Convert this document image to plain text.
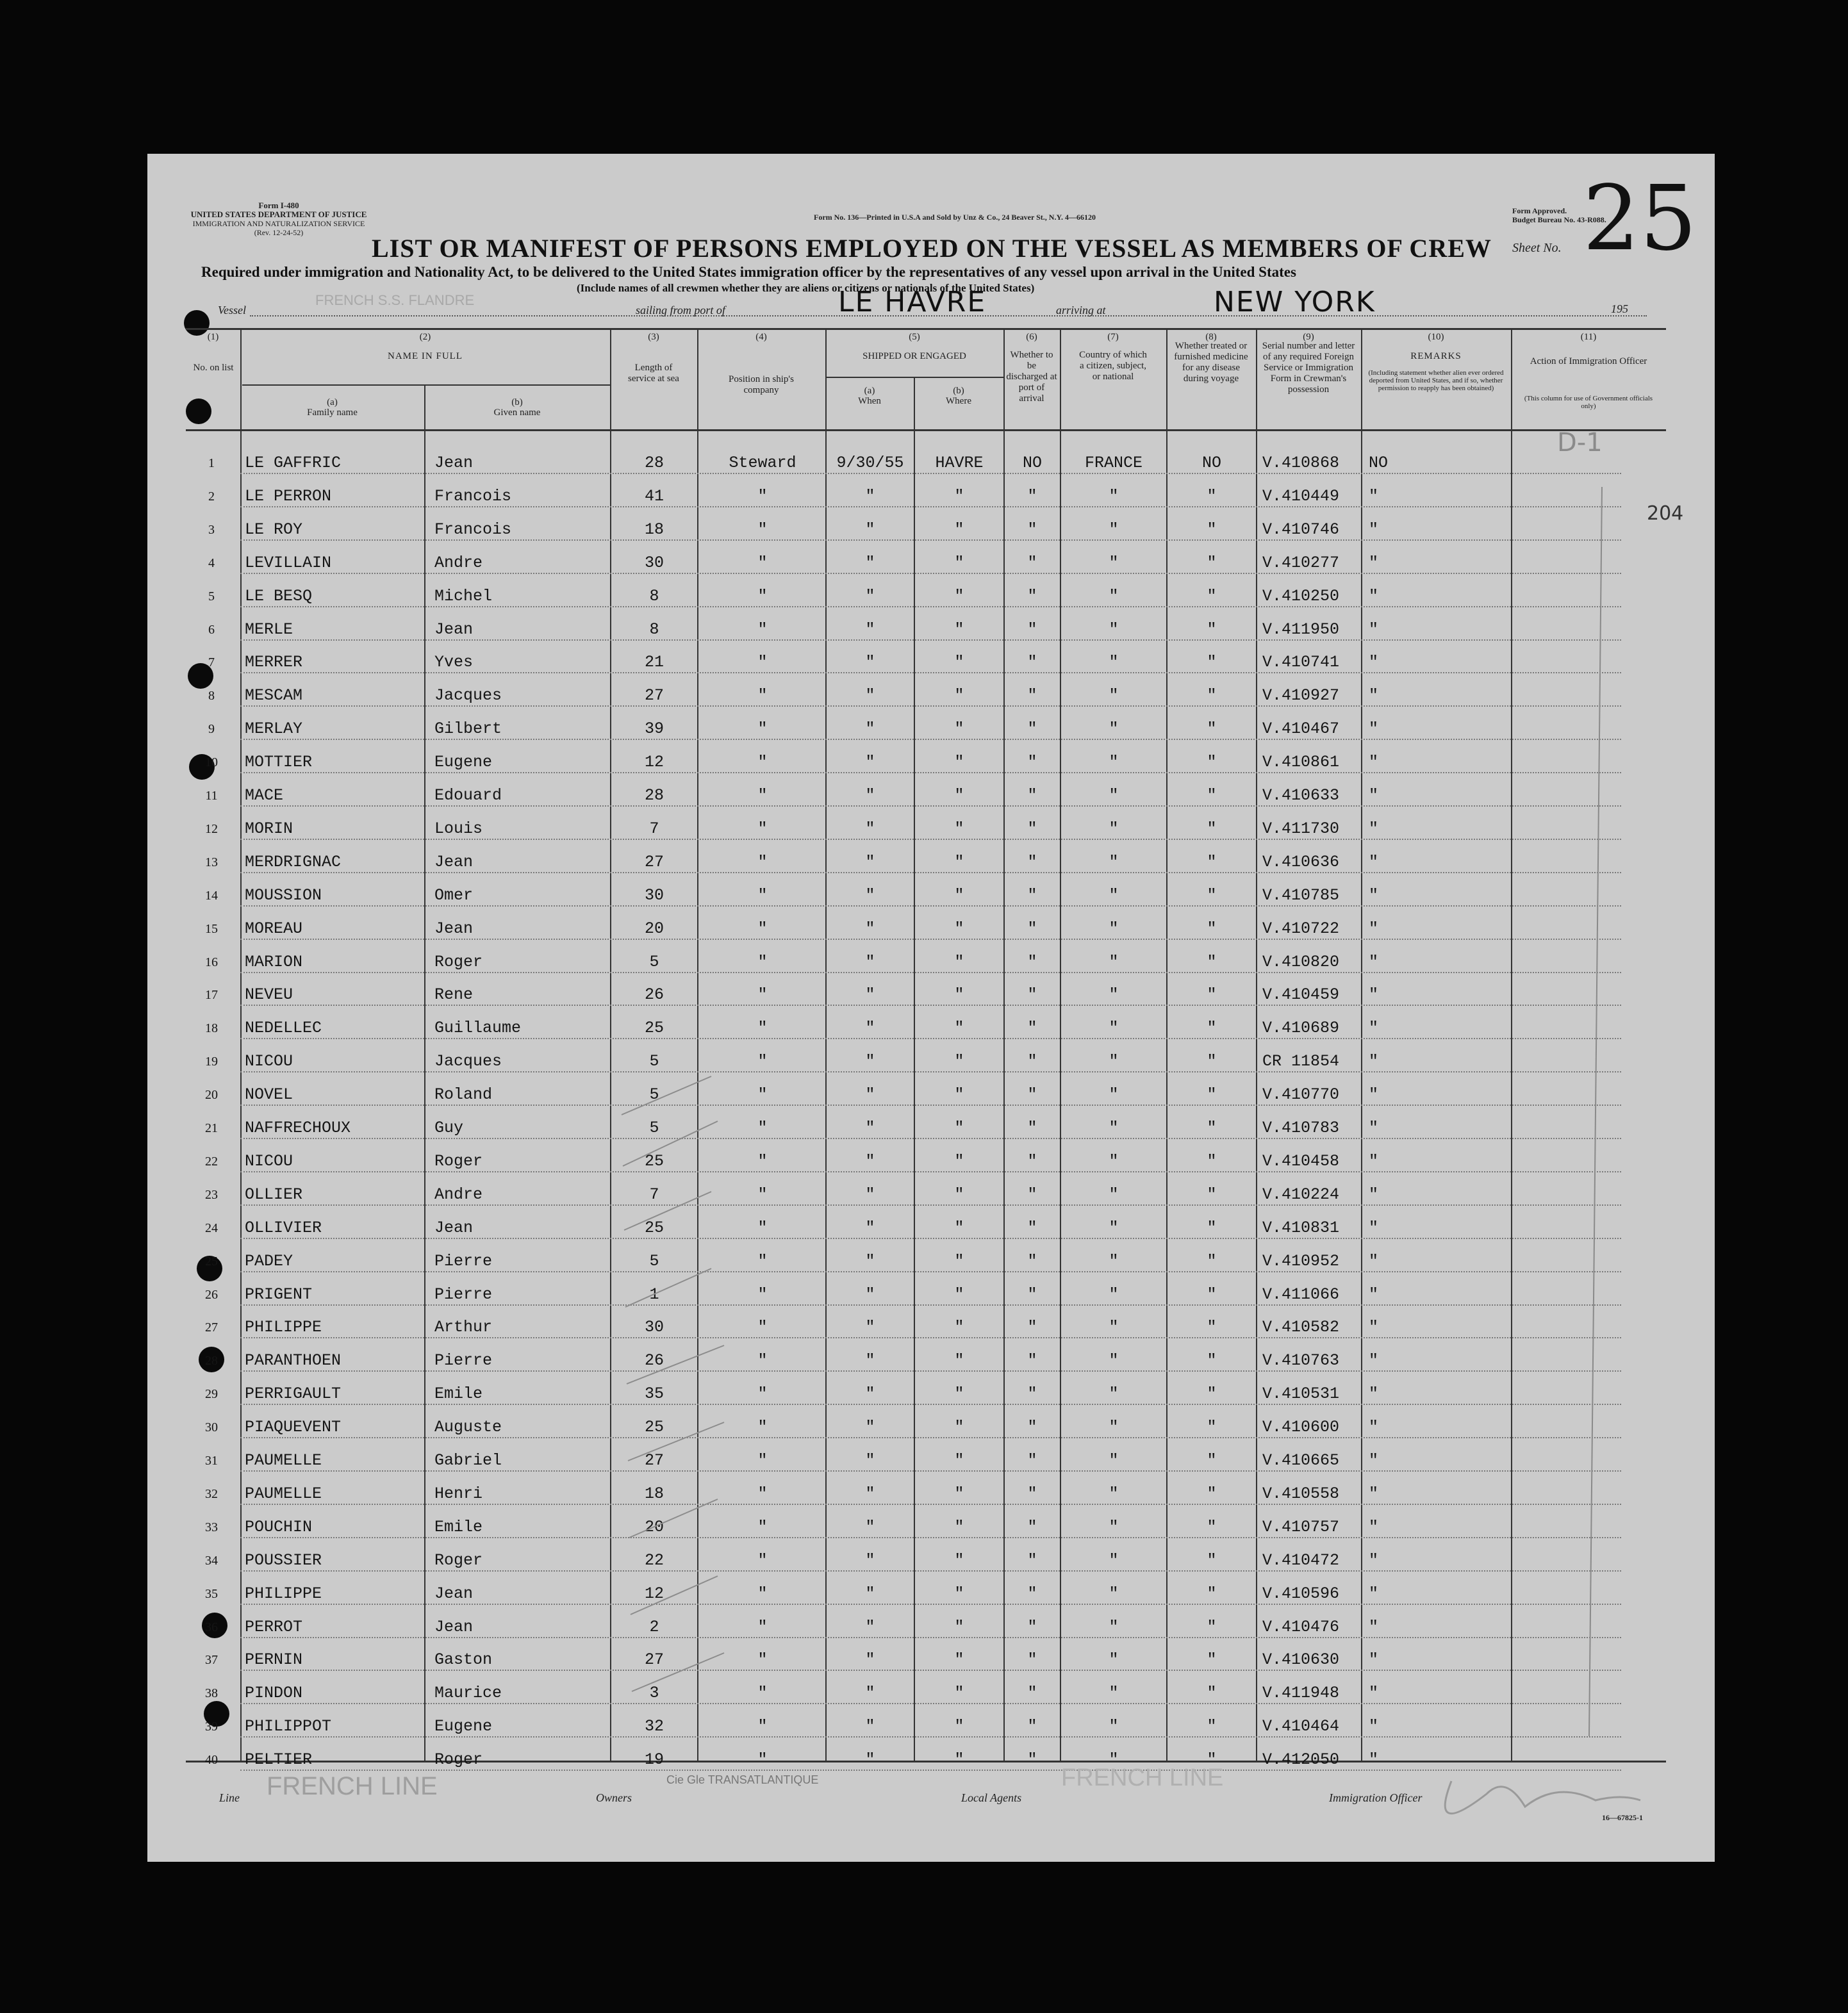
Form I-480
UNITED STATES DEPARTMENT OF JUSTICE
IMMIGRATION AND NATURALIZATION SERVICE
(Rev. 12-24-52)
Form No. 136—Printed in U.S.A and Sold by Unz & Co., 24 Beaver St., N.Y. 4—66120
Form Approved.
Budget Bureau No. 43-R088.
Sheet No. 25
LIST OR MANIFEST OF PERSONS EMPLOYED ON THE VESSEL AS MEMBERS OF CREW
Required under immigration and Nationality Act, to be delivered to the United States immigration officer by the representatives of any vessel upon arrival in the United States
(Include names of all crewmen whether they are aliens or citizens or nationals of the United States)
Vessel
FRENCH S.S. FLANDRE
sailing from port of	LE HAVRE	arriving at	NEW YORK	195
(1)
No. on list
(2)
NAME IN FULL
(a)
Family name
(b)
Given name
(3)
Length of service at sea
(4)
Position in ship's company
(5)
SHIPPED OR ENGAGED
(a)
When
(b)
Where
(6)
Whether to be discharged at port of arrival
(7)
Country of which a citizen, subject, or national
(8)
Whether treated or furnished medicine for any disease during voyage
(9)
Serial number and letter of any required Foreign Service or Immigration Form in Crewman's possession
(10)
REMARKS
(Including statement whether alien ever ordered deported from United States, and if so, whether permission to reapply has been obtained)
(11)
Action of Immigration Officer
(This column for use of Government officials only)
1	LE GAFFRIC	Jean	28	Steward	9/30/55	HAVRE	NO	FRANCE	NO	V.410868	NO
2	LE PERRON	Francois	41	"	"	"	"	"	"	V.410449	"
3	LE ROY	Francois	18	"	"	"	"	"	"	V.410746	"
4	LEVILLAIN	Andre	30	"	"	"	"	"	"	V.410277	"
5	LE BESQ	Michel	8	"	"	"	"	"	"	V.410250	"
6	MERLE	Jean	8	"	"	"	"	"	"	V.411950	"
7	MERRER	Yves	21	"	"	"	"	"	"	V.410741	"
8	MESCAM	Jacques	27	"	"	"	"	"	"	V.410927	"
9	MERLAY	Gilbert	39	"	"	"	"	"	"	V.410467	"
10	MOTTIER	Eugene	12	"	"	"	"	"	"	V.410861	"
11	MACE	Edouard	28	"	"	"	"	"	"	V.410633	"
12	MORIN	Louis	7	"	"	"	"	"	"	V.411730	"
13	MERDRIGNAC	Jean	27	"	"	"	"	"	"	V.410636	"
14	MOUSSION	Omer	30	"	"	"	"	"	"	V.410785	"
15	MOREAU	Jean	20	"	"	"	"	"	"	V.410722	"
16	MARION	Roger	5	"	"	"	"	"	"	V.410820	"
17	NEVEU	Rene	26	"	"	"	"	"	"	V.410459	"
18	NEDELLEC	Guillaume	25	"	"	"	"	"	"	V.410689	"
19	NICOU	Jacques	5	"	"	"	"	"	"	CR 11854	"
20	NOVEL	Roland	5	"	"	"	"	"	"	V.410770	"
21	NAFFRECHOUX	Guy	5	"	"	"	"	"	"	V.410783	"
22	NICOU	Roger	25	"	"	"	"	"	"	V.410458	"
23	OLLIER	Andre	7	"	"	"	"	"	"	V.410224	"
24	OLLIVIER	Jean	25	"	"	"	"	"	"	V.410831	"
25	PADEY	Pierre	5	"	"	"	"	"	"	V.410952	"
26	PRIGENT	Pierre	1	"	"	"	"	"	"	V.411066	"
27	PHILIPPE	Arthur	30	"	"	"	"	"	"	V.410582	"
28	PARANTHOEN	Pierre	26	"	"	"	"	"	"	V.410763	"
29	PERRIGAULT	Emile	35	"	"	"	"	"	"	V.410531	"
30	PIAQUEVENT	Auguste	25	"	"	"	"	"	"	V.410600	"
31	PAUMELLE	Gabriel	27	"	"	"	"	"	"	V.410665	"
32	PAUMELLE	Henri	18	"	"	"	"	"	"	V.410558	"
33	POUCHIN	Emile	20	"	"	"	"	"	"	V.410757	"
34	POUSSIER	Roger	22	"	"	"	"	"	"	V.410472	"
35	PHILIPPE	Jean	12	"	"	"	"	"	"	V.410596	"
36	PERROT	Jean	2	"	"	"	"	"	"	V.410476	"
37	PERNIN	Gaston	27	"	"	"	"	"	"	V.410630	"
38	PINDON	Maurice	3	"	"	"	"	"	"	V.411948	"
39	PHILIPPOT	Eugene	32	"	"	"	"	"	"	V.410464	"
40	PELTIER	Roger	19	"	"	"	"	"	"	V.412050	"
D-1
204
Line FRENCH LINE	Owners
Cie Gle TRANSATLANTIQUE
Local Agents
FRENCH LINE
Immigration Officer
16—67825-1
